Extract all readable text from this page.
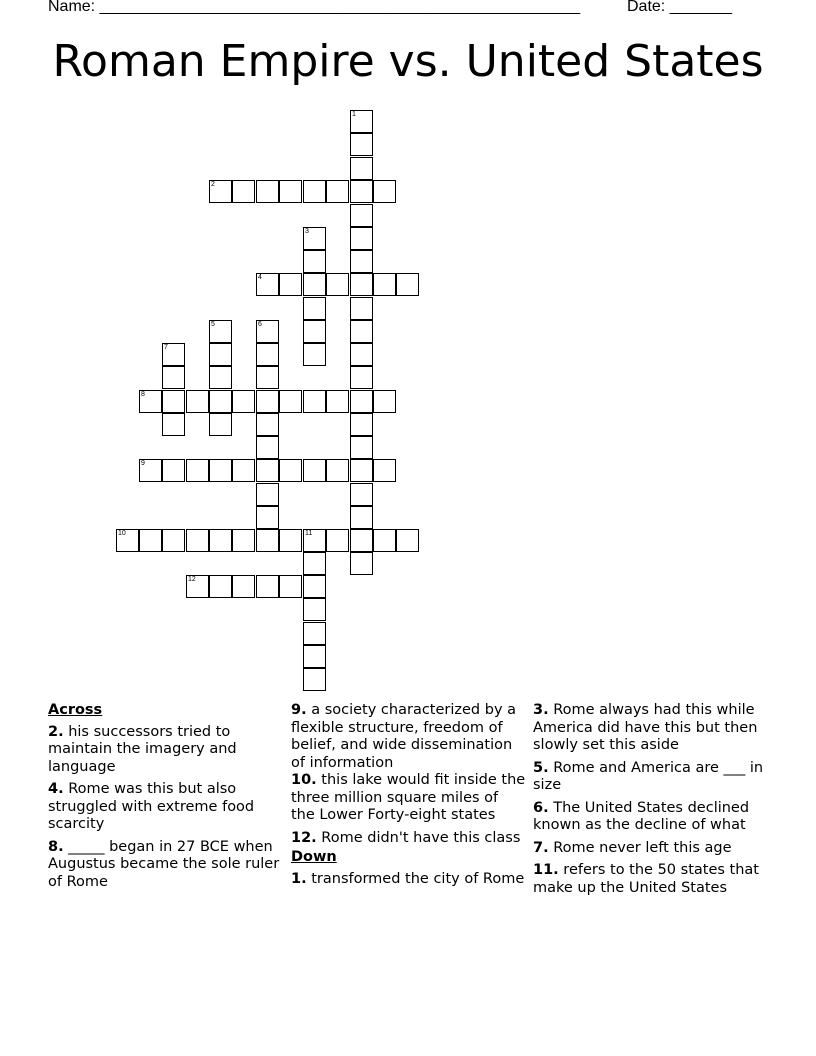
Name: ______________________________________________________	Date: _______
Roman Empire vs. United States
1
2
3
4
5	6
7
8
9
10	11
12
Across
2. his successors tried to maintain the imagery and language
4. Rome was this but also struggled with extreme food scarcity
8. _____ began in 27 BCE when Augustus became the sole ruler of Rome
9. a society characterized by a flexible structure, freedom of belief, and wide dissemination of information
10. this lake would fit inside the three million square miles of the Lower Forty-eight states
12. Rome didn't have this class
Down
1. transformed the city of Rome
3. Rome always had this while America did have this but then slowly set this aside
5. Rome and America are ___ in size
6. The United States declined known as the decline of what
7. Rome never left this age
11. refers to the 50 states that make up the United States
